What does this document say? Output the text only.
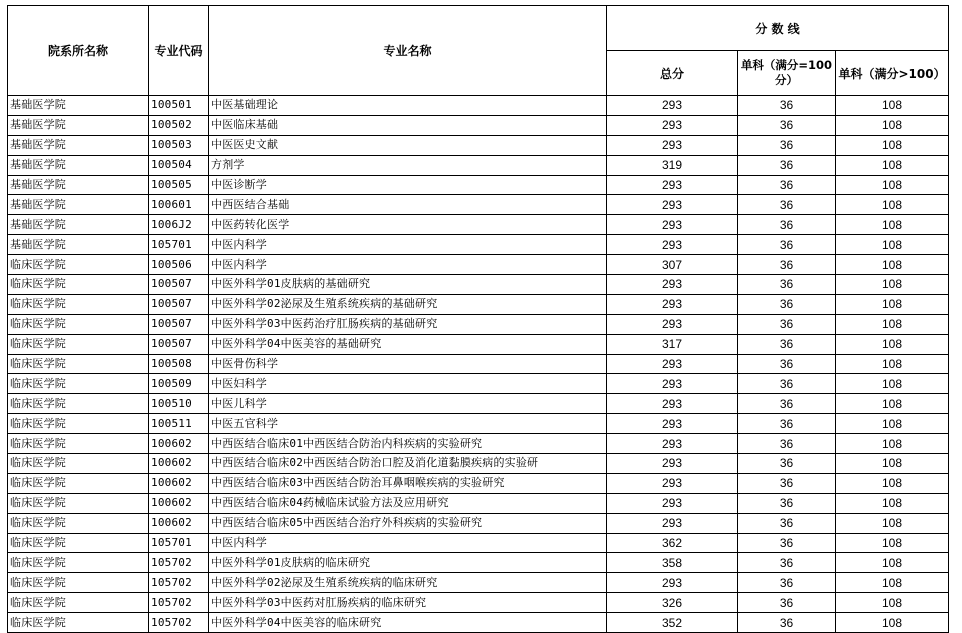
院系所名称	专业代码	专业名称	分 数 线		
			总分	单科（满分=100分）	单科（满分>100）
基础医学院	100501	中医基础理论	293	36	108
基础医学院	100502	中医临床基础	293	36	108
基础医学院	100503	中医医史文献	293	36	108
基础医学院	100504	方剂学	319	36	108
基础医学院	100505	中医诊断学	293	36	108
基础医学院	100601	中西医结合基础	293	36	108
基础医学院	1006J2	中医药转化医学	293	36	108
基础医学院	105701	中医内科学	293	36	108
临床医学院	100506	中医内科学	307	36	108
临床医学院	100507	中医外科学01皮肤病的基础研究	293	36	108
临床医学院	100507	中医外科学02泌尿及生殖系统疾病的基础研究	293	36	108
临床医学院	100507	中医外科学03中医药治疗肛肠疾病的基础研究	293	36	108
临床医学院	100507	中医外科学04中医美容的基础研究	317	36	108
临床医学院	100508	中医骨伤科学	293	36	108
临床医学院	100509	中医妇科学	293	36	108
临床医学院	100510	中医儿科学	293	36	108
临床医学院	100511	中医五官科学	293	36	108
临床医学院	100602	中西医结合临床01中西医结合防治内科疾病的实验研究	293	36	108
临床医学院	100602	中西医结合临床02中西医结合防治口腔及消化道黏膜疾病的实验研	293	36	108
临床医学院	100602	中西医结合临床03中西医结合防治耳鼻咽喉疾病的实验研究	293	36	108
临床医学院	100602	中西医结合临床04药械临床试验方法及应用研究	293	36	108
临床医学院	100602	中西医结合临床05中西医结合治疗外科疾病的实验研究	293	36	108
临床医学院	105701	中医内科学	362	36	108
临床医学院	105702	中医外科学01皮肤病的临床研究	358	36	108
临床医学院	105702	中医外科学02泌尿及生殖系统疾病的临床研究	293	36	108
临床医学院	105702	中医外科学03中医药对肛肠疾病的临床研究	326	36	108
临床医学院	105702	中医外科学04中医美容的临床研究	352	36	108
